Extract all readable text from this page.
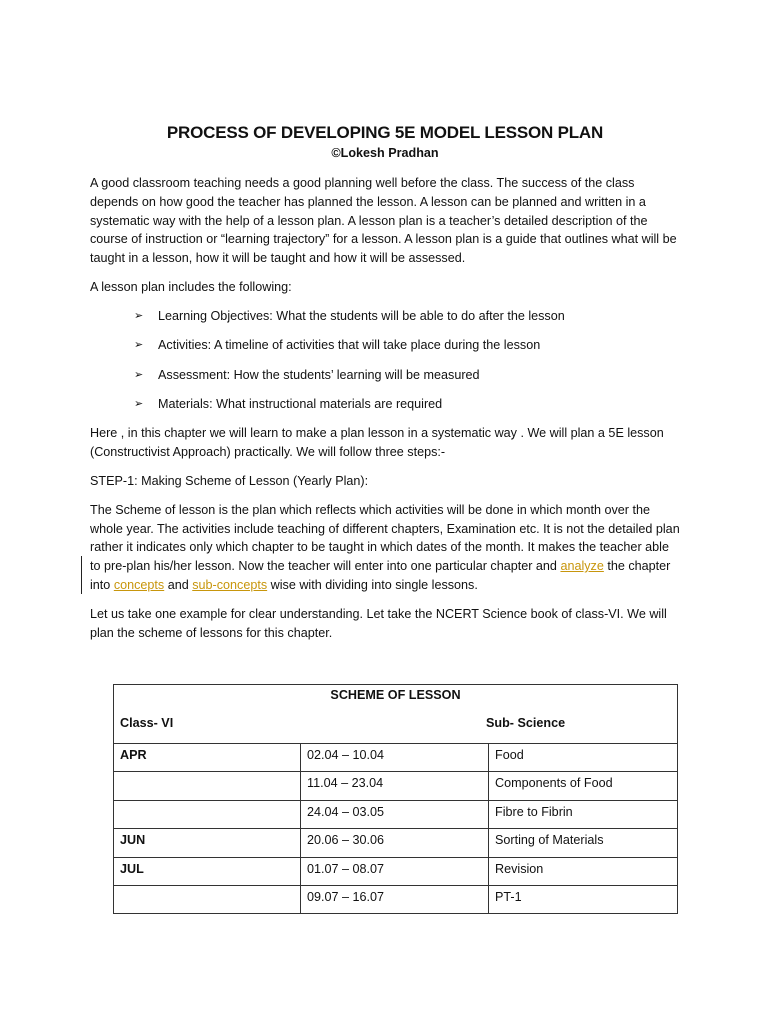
PROCESS OF DEVELOPING 5E MODEL LESSON PLAN
©Lokesh Pradhan

A good classroom teaching needs a good planning well before the class. The success of the class depends on how good the teacher has planned the lesson. A lesson can be planned and written in a systematic way with the help of a lesson plan. A lesson plan is a teacher’s detailed description of the course of instruction or “learning trajectory” for a lesson. A lesson plan is a guide that outlines what will be taught in a lesson, how it will be taught and how it will be assessed.

A lesson plan includes the following:

➢ Learning Objectives: What the students will be able to do after the lesson
➢ Activities: A timeline of activities that will take place during the lesson
➢ Assessment: How the students’ learning will be measured
➢ Materials: What instructional materials are required

Here , in this chapter we will learn to make a plan lesson in a systematic way . We will plan a 5E lesson (Constructivist Approach) practically. We will follow three steps:-

STEP-1: Making Scheme of Lesson (Yearly Plan):

The Scheme of lesson is the plan which reflects which activities will be done in which month over the whole year. The activities include teaching of different chapters, Examination etc. It is not the detailed plan rather it indicates only which chapter to be taught in which dates of the month. It makes the teacher able to pre-plan his/her lesson. Now the teacher will enter into one particular chapter and analyze the chapter into concepts and sub-concepts wise with dividing into single lessons.

Let us take one example for clear understanding. Let take the NCERT Science book of class-VI. We will plan the scheme of lessons for this chapter.

SCHEME OF LESSON
Class- VI Sub- Science		

APR	02.04 – 10.04	Food
	11.04 – 23.04	Components of Food
	24.04 – 03.05	Fibre to Fibrin
JUN	20.06 – 30.06	Sorting of Materials
JUL	01.07 – 08.07	Revision
	09.07 – 16.07	PT-1
